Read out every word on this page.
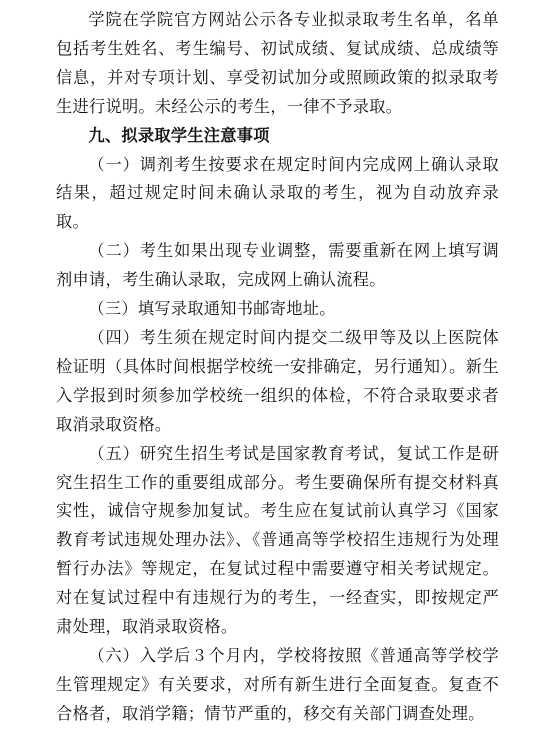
学院在学院官方网站公示各专业拟录取考生名单，名单包括考生姓名、考生编号、初试成绩、复试成绩、总成绩等信息，并对专项计划、享受初试加分或照顾政策的拟录取考生进行说明。未经公示的考生，一律不予录取。

九、拟录取学生注意事项

（一）调剂考生按要求在规定时间内完成网上确认录取结果，超过规定时间未确认录取的考生，视为自动放弃录取。

（二）考生如果出现专业调整，需要重新在网上填写调剂申请，考生确认录取，完成网上确认流程。

（三）填写录取通知书邮寄地址。

（四）考生须在规定时间内提交二级甲等及以上医院体检证明（具体时间根据学校统一安排确定，另行通知）。新生入学报到时须参加学校统一组织的体检，不符合录取要求者取消录取资格。

（五）研究生招生考试是国家教育考试，复试工作是研究生招生工作的重要组成部分。考生要确保所有提交材料真实性，诚信守规参加复试。考生应在复试前认真学习《国家教育考试违规处理办法》、《普通高等学校招生违规行为处理暂行办法》等规定，在复试过程中需要遵守相关考试规定。对在复试过程中有违规行为的考生，一经查实，即按规定严肃处理，取消录取资格。

（六）入学后３个月内，学校将按照《普通高等学校学生管理规定》有关要求，对所有新生进行全面复查。复查不合格者，取消学籍；情节严重的，移交有关部门调查处理。
